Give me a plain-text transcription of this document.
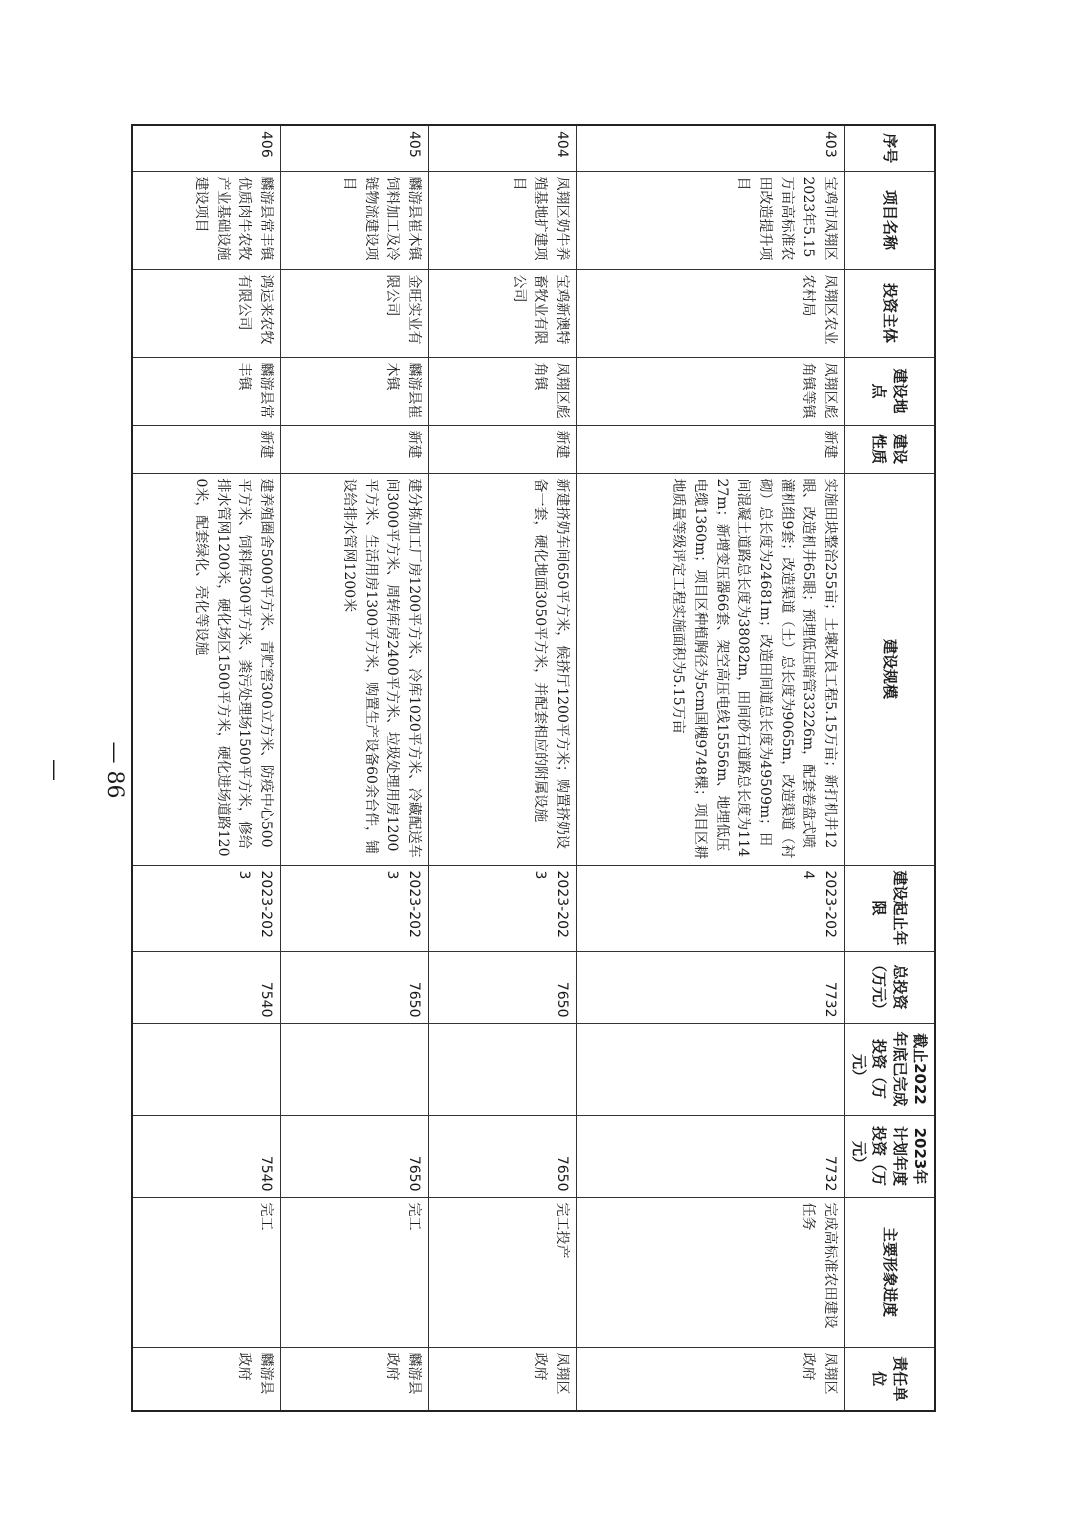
— 86 —
序号	项目名称	投资主体	建设地点	建设性质	建设规模	建设起止年限	总投资（万元）	截止2022年底已完成投资（万元）	2023年计划年度投资（万元）	主要形象进度	责任单位
403	宝鸡市凤翔区2023年5.15万亩高标准农田改造提升项目	凤翔区农业农村局	凤翔区彪角镇等镇	新建	实施田块整治255亩；土壤改良工程5.15万亩；新打机井12眼、改造机井65眼；预埋低压暗管33226m，配套卷盘式喷灌机组9套；改造渠道（土）总长度为9065m，改造渠道（衬砌）总长度为24681m；改造田间道总长度为49509m；田间混凝土道路总长度为38082m，田间砂石道路总长度为11427m；新增变压器66套、架空高压电线15556m、地埋低压电缆1360m；项目区种植胸径为5cm国槐9748棵；项目区耕地质量等级评定工程实施面积为5.15万亩	2023-2024	7732		7732	完成高标准农田建设任务	凤翔区政府
404	凤翔区奶牛养殖基地扩建项目	宝鸡新澳特畜牧业有限公司	凤翔区彪角镇	新建	新建挤奶车间650平方米，候挤厅1200平方米；购置挤奶设备一套，硬化地面3050平方米，并配套相应的附属设施	2023-2023	7650		7650	完工投产	凤翔区政府
405	麟游县崔木镇饲料加工及冷链物流建设项目	金旺实业有限公司	麟游县崔木镇	新建	建分拣加工厂房1200平方米、冷库1020平方米、冷藏配送车间3000平方米、周转库房2400平方米、垃圾处理用房1200平方米、生活用房1300平方米，购置生产设备60余台件，铺设给排水管网1200米	2023-2023	7650		7650	完工	麟游县政府
406	麟游县常丰镇优质肉牛农牧产业基础设施建设项目	鸿运来农牧有限公司	麟游县常丰镇	新建	建养殖圈舍5000平方米、青贮窖300立方米、防疫中心500平方米、饲料库300平方米、粪污处理场1500平方米，修给排水管网1200米，硬化场区1500平方米，硬化进场道路1200米，配套绿化、亮化等设施	2023-2023	7540		7540	完工	麟游县政府
